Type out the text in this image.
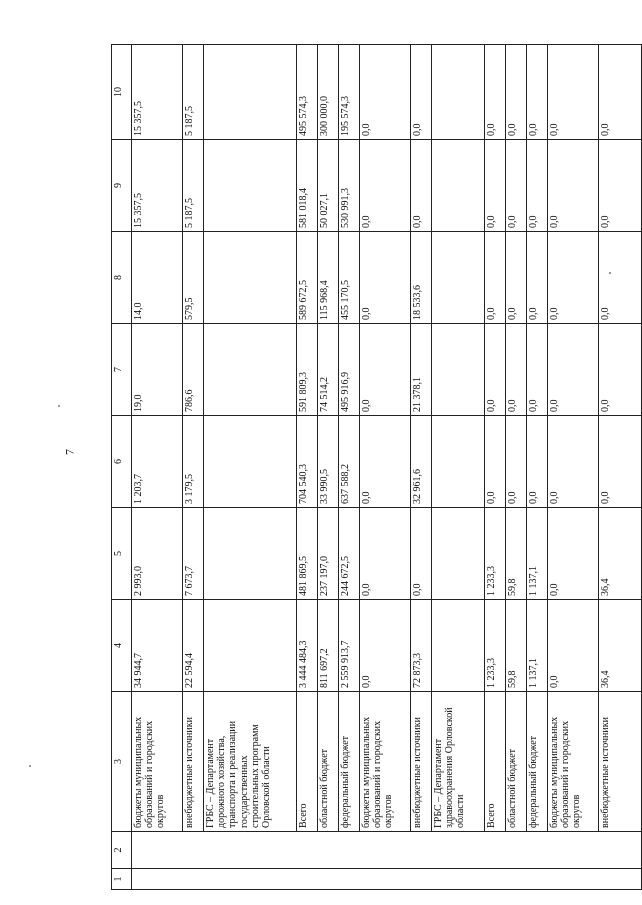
7
1	2	3	4	5	6	7	8	9	10
		бюджеты муниципальных образований и городских округов	34 944,7	2 993,0	1 203,7	19,0	14,0	15 357,5	15 357,5
		внебюджетные источники	22 594,4	7 673,7	3 179,5	786,6	579,5	5 187,5	5 187,5
		ГРБС – Департамент дорожного хозяйства, транспорта и реализации государственных строительных программ Орловской области							
		Всего	3 444 484,3	481 869,5	704 540,3	591 809,3	589 672,5	581 018,4	495 574,3
		областной бюджет	811 697,2	237 197,0	33 990,5	74 514,2	115 968,4	50 027,1	300 000,0
		федеральный бюджет	2 559 913,7	244 672,5	637 588,2	495 916,9	455 170,5	530 991,3	195 574,3
		бюджеты муниципальных образований и городских округов	0,0	0,0	0,0	0,0	0,0	0,0	0,0
		внебюджетные источники	72 873,3	0,0	32 961,6	21 378,1	18 533,6	0,0	0,0
		ГРБС – Департамент здравоохранения Орловской области							
		Всего	1 233,3	1 233,3	0,0	0,0	0,0	0,0	0,0
		областной бюджет	59,8	59,8	0,0	0,0	0,0	0,0	0,0
		федеральный бюджет	1 137,1	1 137,1	0,0	0,0	0,0	0,0	0,0
		бюджеты муниципальных образований и городских округов	0,0	0,0	0,0	0,0	0,0	0,0	0,0
		внебюджетные источники	36,4	36,4	0,0	0,0	0,0	0,0	0,0
